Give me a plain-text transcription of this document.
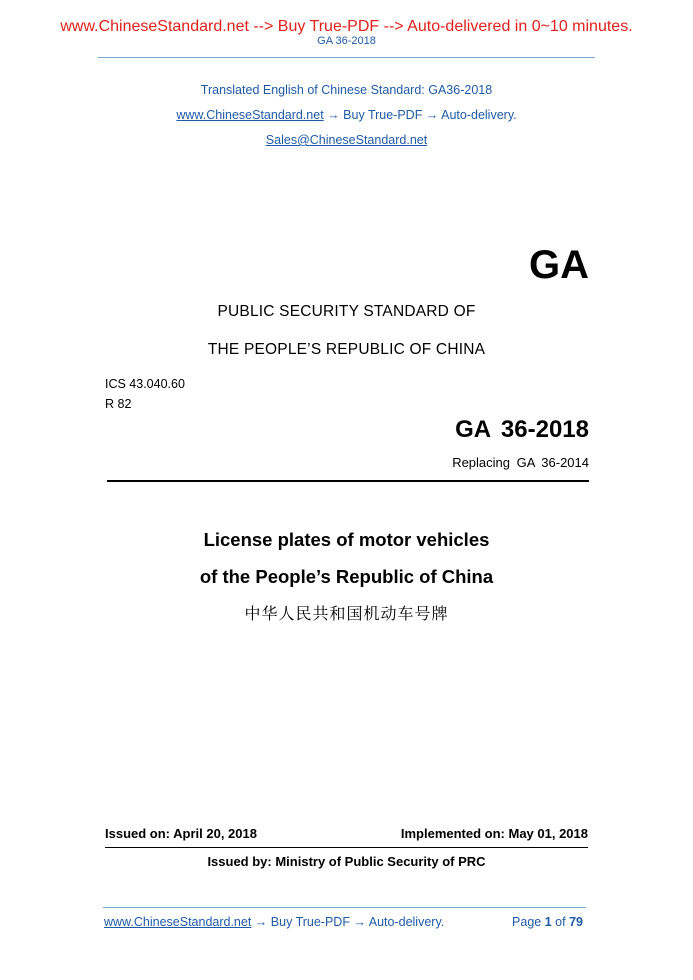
www.ChineseStandard.net --> Buy True-PDF --> Auto-delivered in 0~10 minutes.
GA 36-2018
Translated English of Chinese Standard: GA36-2018
www.ChineseStandard.net → Buy True-PDF → Auto-delivery.
Sales@ChineseStandard.net
GA
PUBLIC SECURITY STANDARD OF
THE PEOPLE’S REPUBLIC OF CHINA
ICS 43.040.60
R 82
GA 36-2018
Replacing GA 36-2014
License plates of motor vehicles
of the People’s Republic of China
中华人民共和国机动车号牌
Issued on: April 20, 2018	Implemented on: May 01, 2018
Issued by: Ministry of Public Security of PRC
www.ChineseStandard.net → Buy True-PDF → Auto-delivery.	Page 1 of 79
